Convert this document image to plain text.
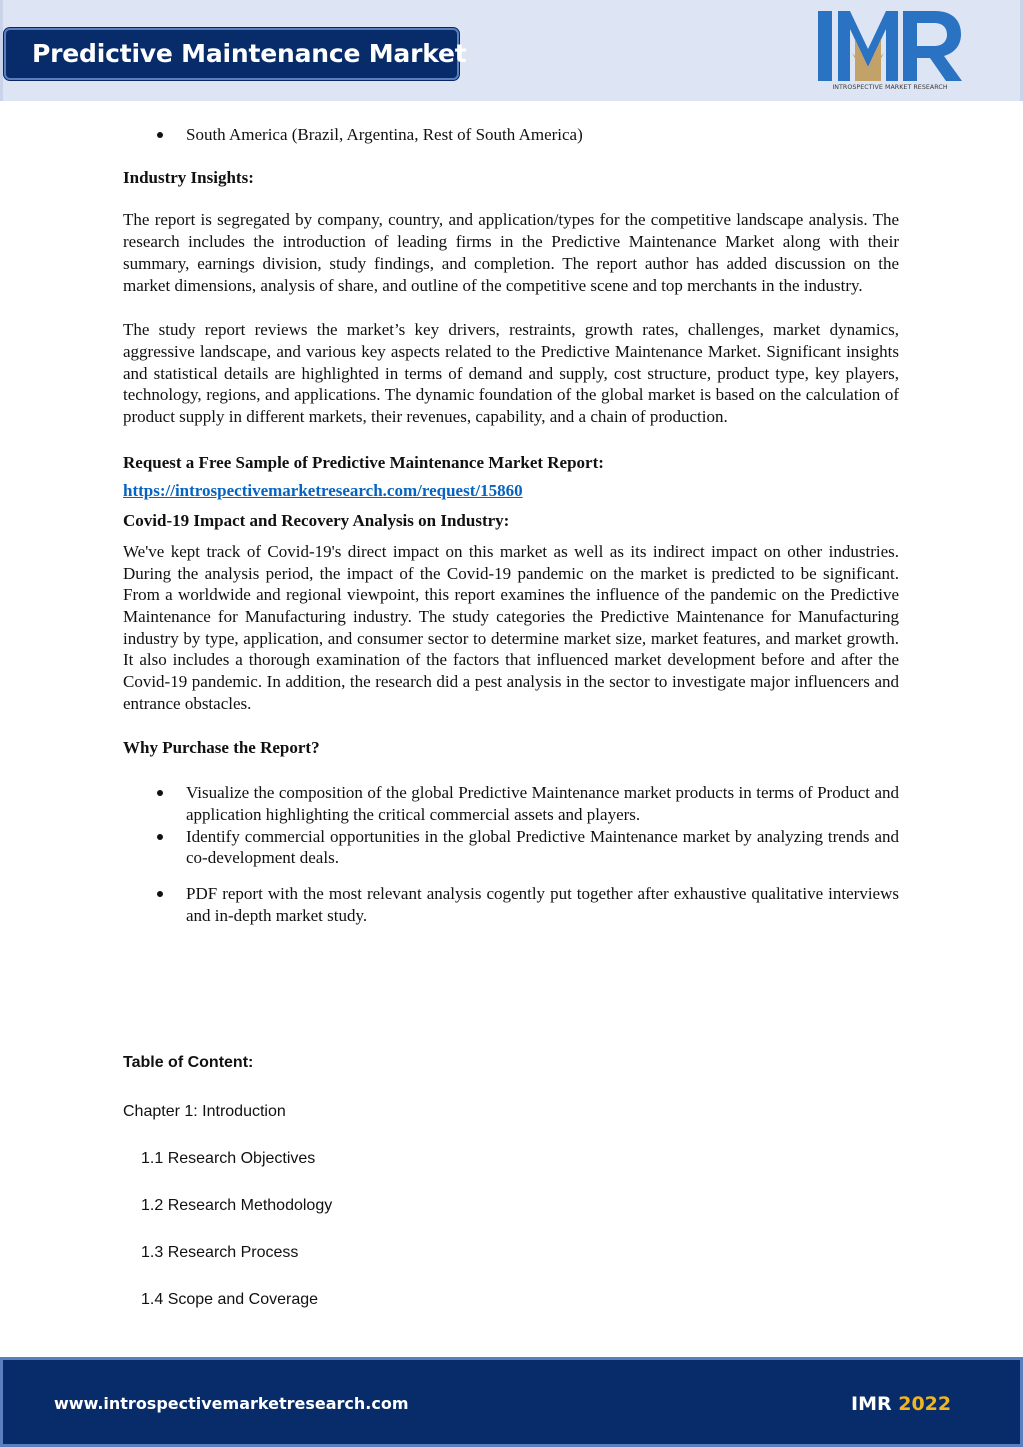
Predictive Maintenance Market
INTROSPECTIVE MARKET RESEARCH
South America (Brazil, Argentina, Rest of South America)

Industry Insights:

The report is segregated by company, country, and application/types for the competitive landscape analysis. The research includes the introduction of leading firms in the Predictive Maintenance Market along with their summary, earnings division, study findings, and completion. The report author has added discussion on the market dimensions, analysis of share, and outline of the competitive scene and top merchants in the industry.

The study report reviews the market’s key drivers, restraints, growth rates, challenges, market dynamics, aggressive landscape, and various key aspects related to the Predictive Maintenance Market. Significant insights and statistical details are highlighted in terms of demand and supply, cost structure, product type, key players, technology, regions, and applications. The dynamic foundation of the global market is based on the calculation of product supply in different markets, their revenues, capability, and a chain of production.

Request a Free Sample of Predictive Maintenance Market Report:

https://introspectivemarketresearch.com/request/15860

Covid-19 Impact and Recovery Analysis on Industry:

We've kept track of Covid-19's direct impact on this market as well as its indirect impact on other industries. During the analysis period, the impact of the Covid-19 pandemic on the market is predicted to be significant. From a worldwide and regional viewpoint, this report examines the influence of the pandemic on the Predictive Maintenance for Manufacturing industry. The study categories the Predictive Maintenance for Manufacturing industry by type, application, and consumer sector to determine market size, market features, and market growth. It also includes a thorough examination of the factors that influenced market development before and after the Covid-19 pandemic. In addition, the research did a pest analysis in the sector to investigate major influencers and entrance obstacles.

Why Purchase the Report?

Visualize the composition of the global Predictive Maintenance market products in terms of Product and application highlighting the critical commercial assets and players.
Identify commercial opportunities in the global Predictive Maintenance market by analyzing trends and co-development deals.
PDF report with the most relevant analysis cogently put together after exhaustive qualitative interviews and in-depth market study.
Table of Content:
Chapter 1: Introduction
1.1 Research Objectives
1.2 Research Methodology
1.3 Research Process
1.4 Scope and Coverage
www.introspectivemarketresearch.com	IMR 2022
